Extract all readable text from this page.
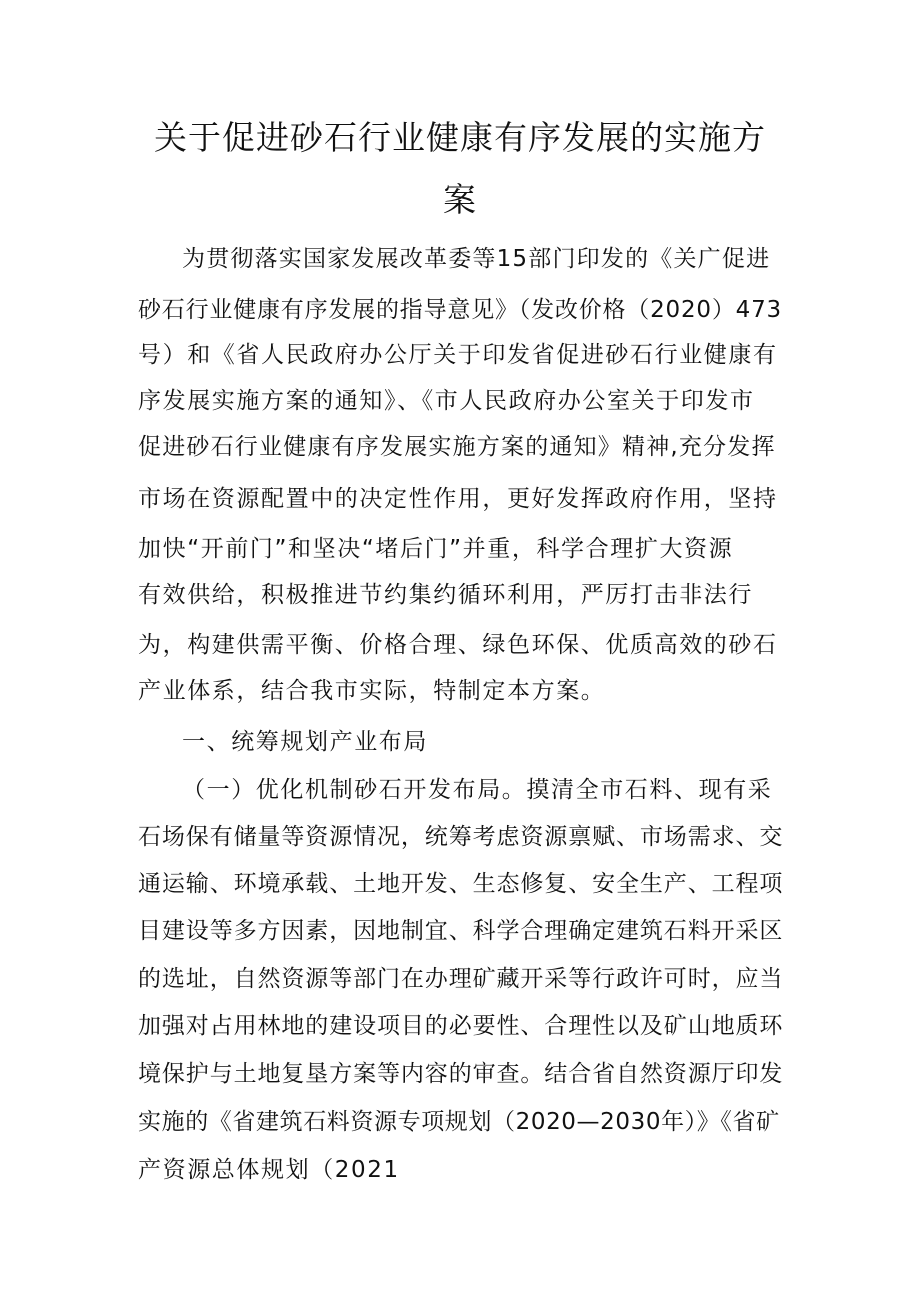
关于促进砂石行业健康有序发展的实施方
案
为贯彻落实国家发展改革委等15部门印发的《关广促进
砂石行业健康有序发展的指导意见》（发改价格（2020）473
号）和《省人民政府办公厅关于印发省促进砂石行业健康有
序发展实施方案的通知》、《市人民政府办公室关于印发市
促进砂石行业健康有序发展实施方案的通知》精神,充分发挥
市场在资源配置中的决定性作用，更好发挥政府作用，坚持
加快“开前门”和坚决“堵后门”并重，科学合理扩大资源
有效供给，积极推进节约集约循环利用，严厉打击非法行
为，构建供需平衡、价格合理、绿色环保、优质高效的砂石
产业体系，结合我市实际，特制定本方案。
一、统筹规划产业布局
（一）优化机制砂石开发布局。摸清全市石料、现有采
石场保有储量等资源情况，统筹考虑资源禀赋、市场需求、交
通运输、环境承载、土地开发、生态修复、安全生产、工程项
目建设等多方因素，因地制宜、科学合理确定建筑石料开采区
的选址，自然资源等部门在办理矿藏开采等行政许可时，应当
加强对占用林地的建设项目的必要性、合理性以及矿山地质环
境保护与土地复垦方案等内容的审查。结合省自然资源厅印发
实施的《省建筑石料资源专项规划（2020—2030年）》《省矿
产资源总体规划（2021
